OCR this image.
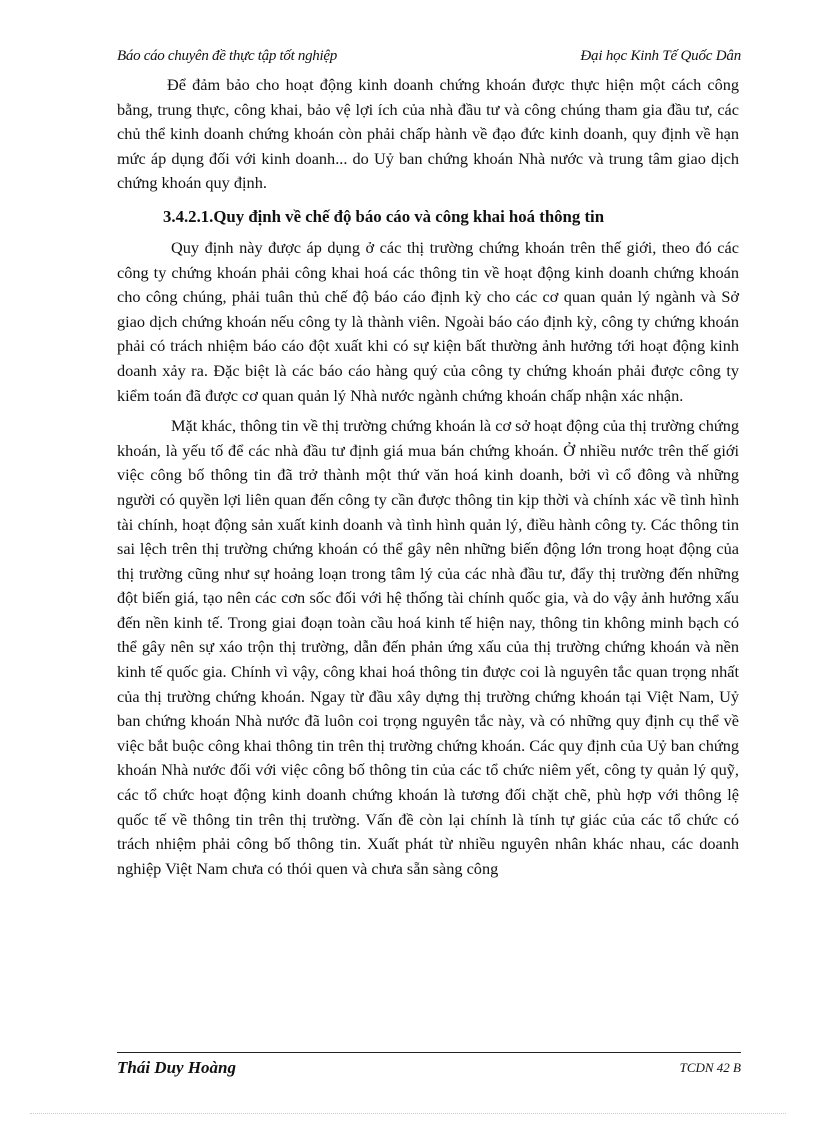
Báo cáo chuyên đề thực tập tốt nghiệp	Đại học Kinh Tế Quốc Dân

Để đảm bảo cho hoạt động kinh doanh chứng khoán được thực hiện một cách công bằng, trung thực, công khai, bảo vệ lợi ích của nhà đầu tư và công chúng tham gia đầu tư, các chủ thể kinh doanh chứng khoán còn phải chấp hành về đạo đức kinh doanh, quy định về hạn mức áp dụng đối với kinh doanh... do Uỷ ban chứng khoán Nhà nước và trung tâm giao dịch chứng khoán quy định.

3.4.2.1.Quy định về chế độ báo cáo và công khai hoá thông tin

Quy định này được áp dụng ở các thị trường chứng khoán trên thế giới, theo đó các công ty chứng khoán phải công khai hoá các thông tin về hoạt động kinh doanh chứng khoán cho công chúng, phải tuân thủ chế độ báo cáo định kỳ cho các cơ quan quản lý ngành và Sở giao dịch chứng khoán nếu công ty là thành viên. Ngoài báo cáo định kỳ, công ty chứng khoán phải có trách nhiệm báo cáo đột xuất khi có sự kiện bất thường ảnh hưởng tới hoạt động kinh doanh xảy ra. Đặc biệt là các báo cáo hàng quý của công ty chứng khoán phải được công ty kiểm toán đã được cơ quan quản lý Nhà nước ngành chứng khoán chấp nhận xác nhận.

Mặt khác, thông tin về thị trường chứng khoán là cơ sở hoạt động của thị trường chứng khoán, là yếu tố để các nhà đầu tư định giá mua bán chứng khoán. Ở nhiều nước trên thế giới việc công bố thông tin đã trở thành một thứ văn hoá kinh doanh, bởi vì cổ đông và những người có quyền lợi liên quan đến công ty cần được thông tin kịp thời và chính xác về tình hình tài chính, hoạt động sản xuất kinh doanh và tình hình quản lý, điều hành công ty. Các thông tin sai lệch trên thị trường chứng khoán có thể gây nên những biến động lớn trong hoạt động của thị trường cũng như sự hoảng loạn trong tâm lý của các nhà đầu tư, đẩy thị trường đến những đột biến giá, tạo nên các cơn sốc đối với hệ thống tài chính quốc gia, và do vậy ảnh hưởng xấu đến nền kinh tế. Trong giai đoạn toàn cầu hoá kinh tế hiện nay, thông tin không minh bạch có thể gây nên sự xáo trộn thị trường, dẫn đến phản ứng xấu của thị trường chứng khoán và nền kinh tế quốc gia. Chính vì vậy, công khai hoá thông tin được coi là nguyên tắc quan trọng nhất của thị trường chứng khoán. Ngay từ đầu xây dựng thị trường chứng khoán tại Việt Nam, Uỷ ban chứng khoán Nhà nước đã luôn coi trọng nguyên tắc này, và có những quy định cụ thể về việc bắt buộc công khai thông tin trên thị trường chứng khoán. Các quy định của Uỷ ban chứng khoán Nhà nước đối với việc công bố thông tin của các tổ chức niêm yết, công ty quản lý quỹ, các tổ chức hoạt động kinh doanh chứng khoán là tương đối chặt chẽ, phù hợp với thông lệ quốc tế về thông tin trên thị trường. Vấn đề còn lại chính là tính tự giác của các tổ chức có trách nhiệm phải công bố thông tin. Xuất phát từ nhiều nguyên nhân khác nhau, các doanh nghiệp Việt Nam chưa có thói quen và chưa sẵn sàng công

Thái Duy Hoàng	TCDN 42 B
